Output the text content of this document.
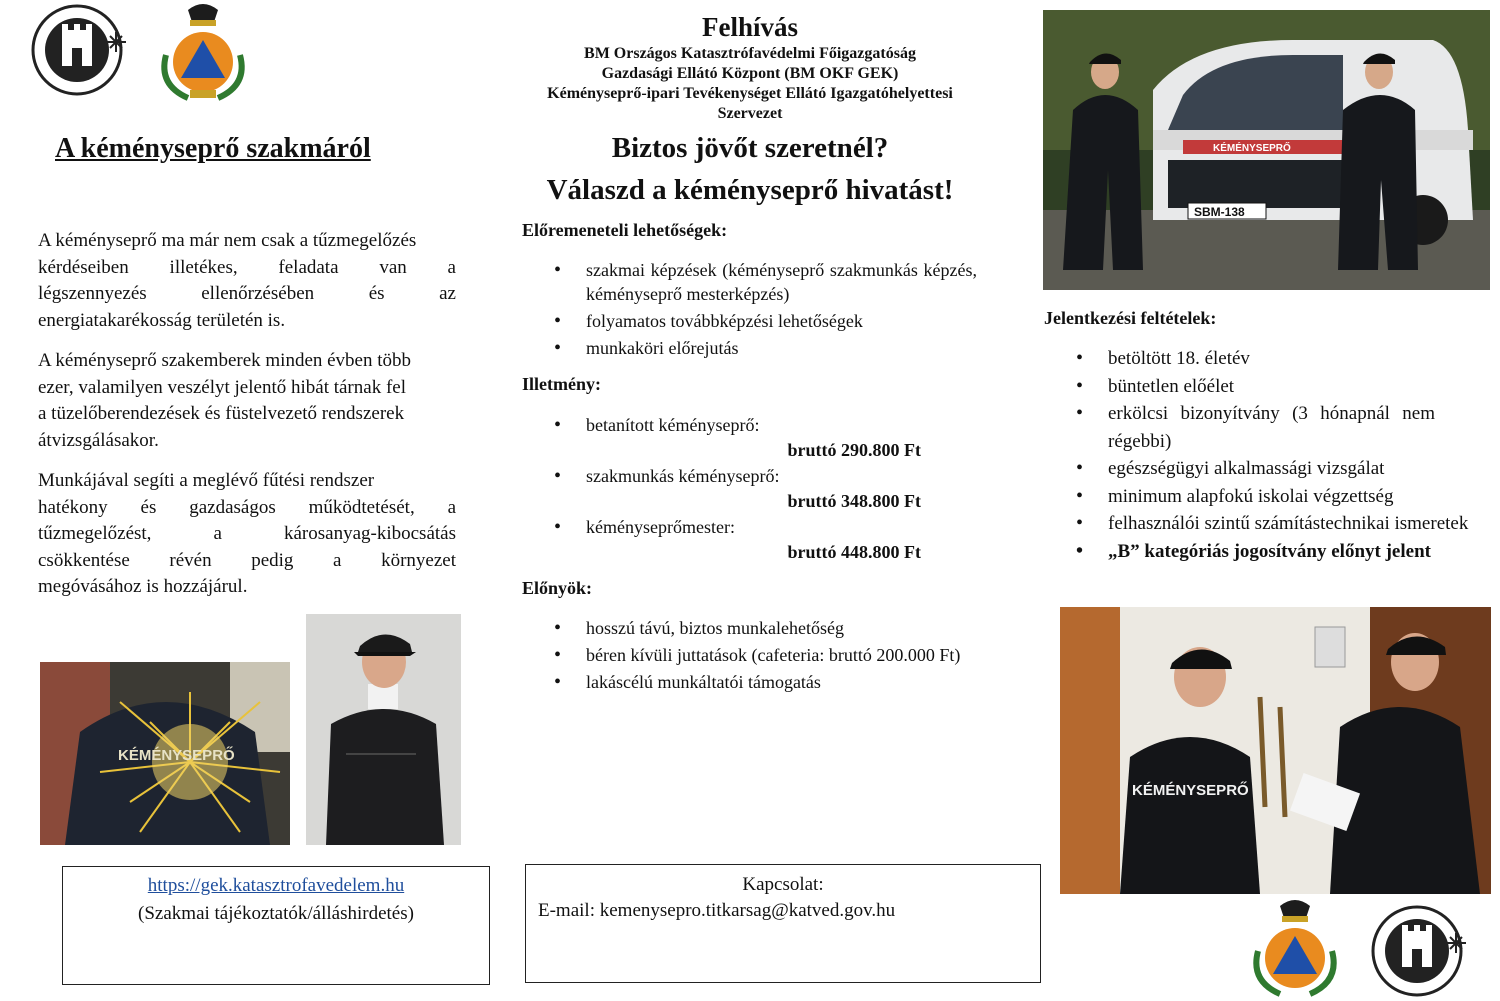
A kéményseprő szakmáról
A kéményseprő ma már nem csak a tűzmegelőzés
kérdéseiben illetékes, feladata van a
légszennyezés ellenőrzésében és az
energiatakarékosság területén is.
A kéményseprő szakemberek minden évben több
ezer, valamilyen veszélyt jelentő hibát tárnak fel
a tüzelőberendezések és füstelvezető rendszerek
átvizsgálásakor.
Munkájával segíti a meglévő fűtési rendszer
hatékony és gazdaságos működtetését, a
tűzmegelőzést, a károsanyag-kibocsátás
csökkentése révén pedig a környezet
megóvásához is hozzájárul.
KÉMÉNYSEPRŐ
https://gek.katasztrofavedelem.hu
(Szakmai tájékoztatók/álláshirdetés)
Felhívás
BM Országos Katasztrófavédelmi Főigazgatóság
Gazdasági Ellátó Központ (BM OKF GEK)
Kéményseprő-ipari Tevékenységet Ellátó Igazgatóhelyettesi
Szervezet
Biztos jövőt szeretnél?
Válaszd a kéményseprő hivatást!
Előremeneteli lehetőségek:
• szakmai képzések (kéményseprő szakmunkás képzés, kéményseprő mesterképzés)
• folyamatos továbbképzési lehetőségek
• munkaköri előrejutás
Illetmény:
• betanított kéményseprő:
bruttó 290.800 Ft
• szakmunkás kéményseprő:
bruttó 348.800 Ft
• kéményseprőmester:
bruttó 448.800 Ft
Előnyök:
• hosszú távú, biztos munkalehetőség
• béren kívüli juttatások (cafeteria: bruttó 200.000 Ft)
• lakáscélú munkáltatói támogatás
Kapcsolat:
E-mail: kemenysepro.titkarsag@katved.gov.hu
SBM-138
KÉMÉNYSEPRŐ
Jelentkezési feltételek:
• betöltött 18. életév
• büntetlen előélet
• erkölcsi bizonyítvány (3 hónapnál nem régebbi)
• egészségügyi alkalmassági vizsgálat
• minimum alapfokú iskolai végzettség
• felhasználói szintű számítástechnikai ismeretek
• „B” kategóriás jogosítvány előnyt jelent
KÉMÉNYSEPRŐ
